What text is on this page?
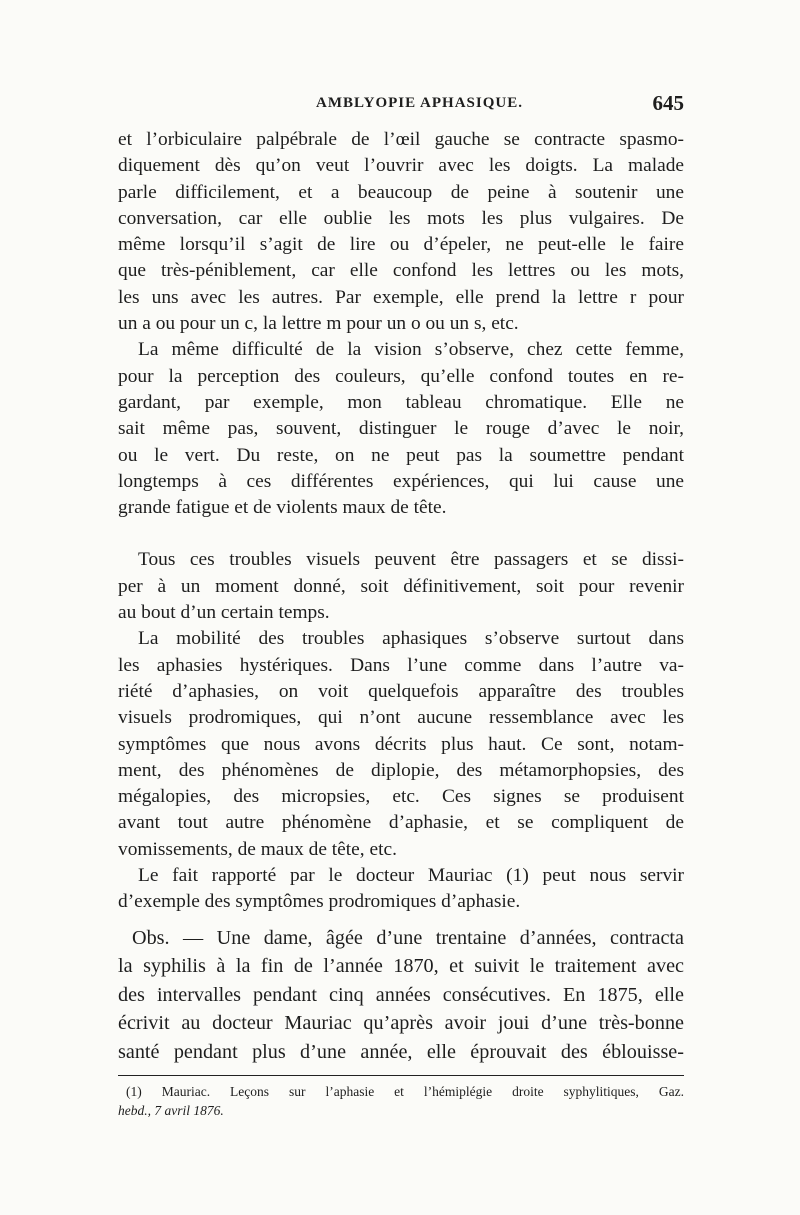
AMBLYOPIE APHASIQUE.	645
et l’orbiculaire palpébrale de l’œil gauche se contracte spasmo-
diquement dès qu’on veut l’ouvrir avec les doigts. La malade
parle difficilement, et a beaucoup de peine à soutenir une
conversation, car elle oublie les mots les plus vulgaires. De
même lorsqu’il s’agit de lire ou d’épeler, ne peut-elle le faire
que très-péniblement, car elle confond les lettres ou les mots,
les uns avec les autres. Par exemple, elle prend la lettre r pour
un a ou pour un c, la lettre m pour un o ou un s, etc.
La même difficulté de la vision s’observe, chez cette femme,
pour la perception des couleurs, qu’elle confond toutes en re-
gardant, par exemple, mon tableau chromatique. Elle ne
sait même pas, souvent, distinguer le rouge d’avec le noir,
ou le vert. Du reste, on ne peut pas la soumettre pendant
longtemps à ces différentes expériences, qui lui cause une
grande fatigue et de violents maux de tête.
Tous ces troubles visuels peuvent être passagers et se dissi-
per à un moment donné, soit définitivement, soit pour revenir
au bout d’un certain temps.
La mobilité des troubles aphasiques s’observe surtout dans
les aphasies hystériques. Dans l’une comme dans l’autre va-
riété d’aphasies, on voit quelquefois apparaître des troubles
visuels prodromiques, qui n’ont aucune ressemblance avec les
symptômes que nous avons décrits plus haut. Ce sont, notam-
ment, des phénomènes de diplopie, des métamorphopsies, des
mégalopies, des micropsies, etc. Ces signes se produisent
avant tout autre phénomène d’aphasie, et se compliquent de
vomissements, de maux de tête, etc.
Le fait rapporté par le docteur Mauriac (1) peut nous servir
d’exemple des symptômes prodromiques d’aphasie.
Obs. — Une dame, âgée d’une trentaine d’années, contracta
la syphilis à la fin de l’année 1870, et suivit le traitement avec
des intervalles pendant cinq années consécutives. En 1875, elle
écrivit au docteur Mauriac qu’après avoir joui d’une très-bonne
santé pendant plus d’une année, elle éprouvait des éblouisse-
(1) Mauriac. Leçons sur l’aphasie et l’hémiplégie droite syphylitiques, Gaz.
hebd., 7 avril 1876.
